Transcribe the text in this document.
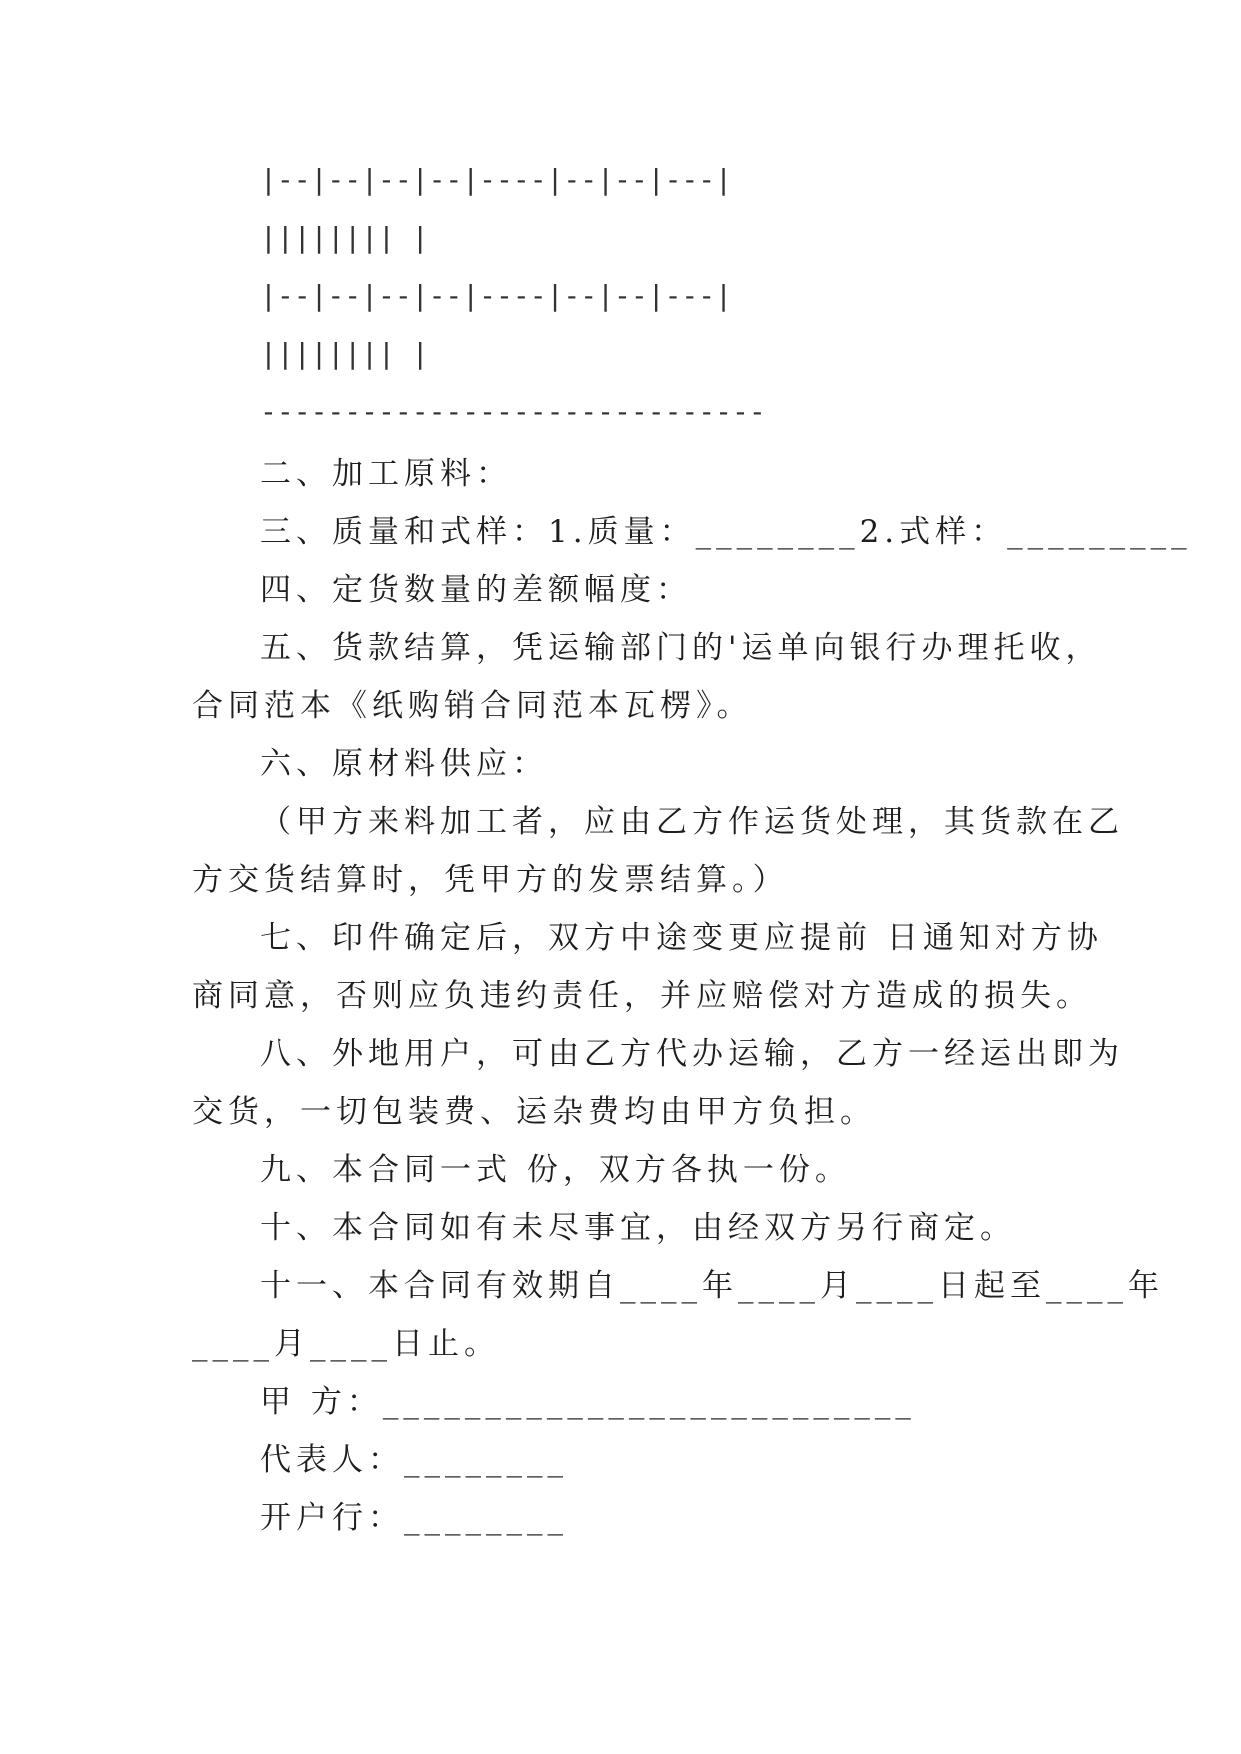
|--|--|--|--|----|--|--|---|

|||||||| |

|--|--|--|--|----|--|--|---|

|||||||| |

------------------------------

二、加工原料：

三、质量和式样：1.质量：________2.式样：_________

四、定货数量的差额幅度：

五、货款结算，凭运输部门的'运单向银行办理托收，

合同范本《纸购销合同范本瓦楞》。

六、原材料供应：

（甲方来料加工者，应由乙方作运货处理，其货款在乙

方交货结算时，凭甲方的发票结算。）

七、印件确定后，双方中途变更应提前 日通知对方协

商同意，否则应负违约责任，并应赔偿对方造成的损失。

八、外地用户，可由乙方代办运输，乙方一经运出即为

交货，一切包装费、运杂费均由甲方负担。

九、本合同一式 份，双方各执一份。

十、本合同如有未尽事宜，由经双方另行商定。

十一、本合同有效期自____年____月____日起至____年

____月____日止。

甲 方：__________________________

代表人：________

开户行：________
